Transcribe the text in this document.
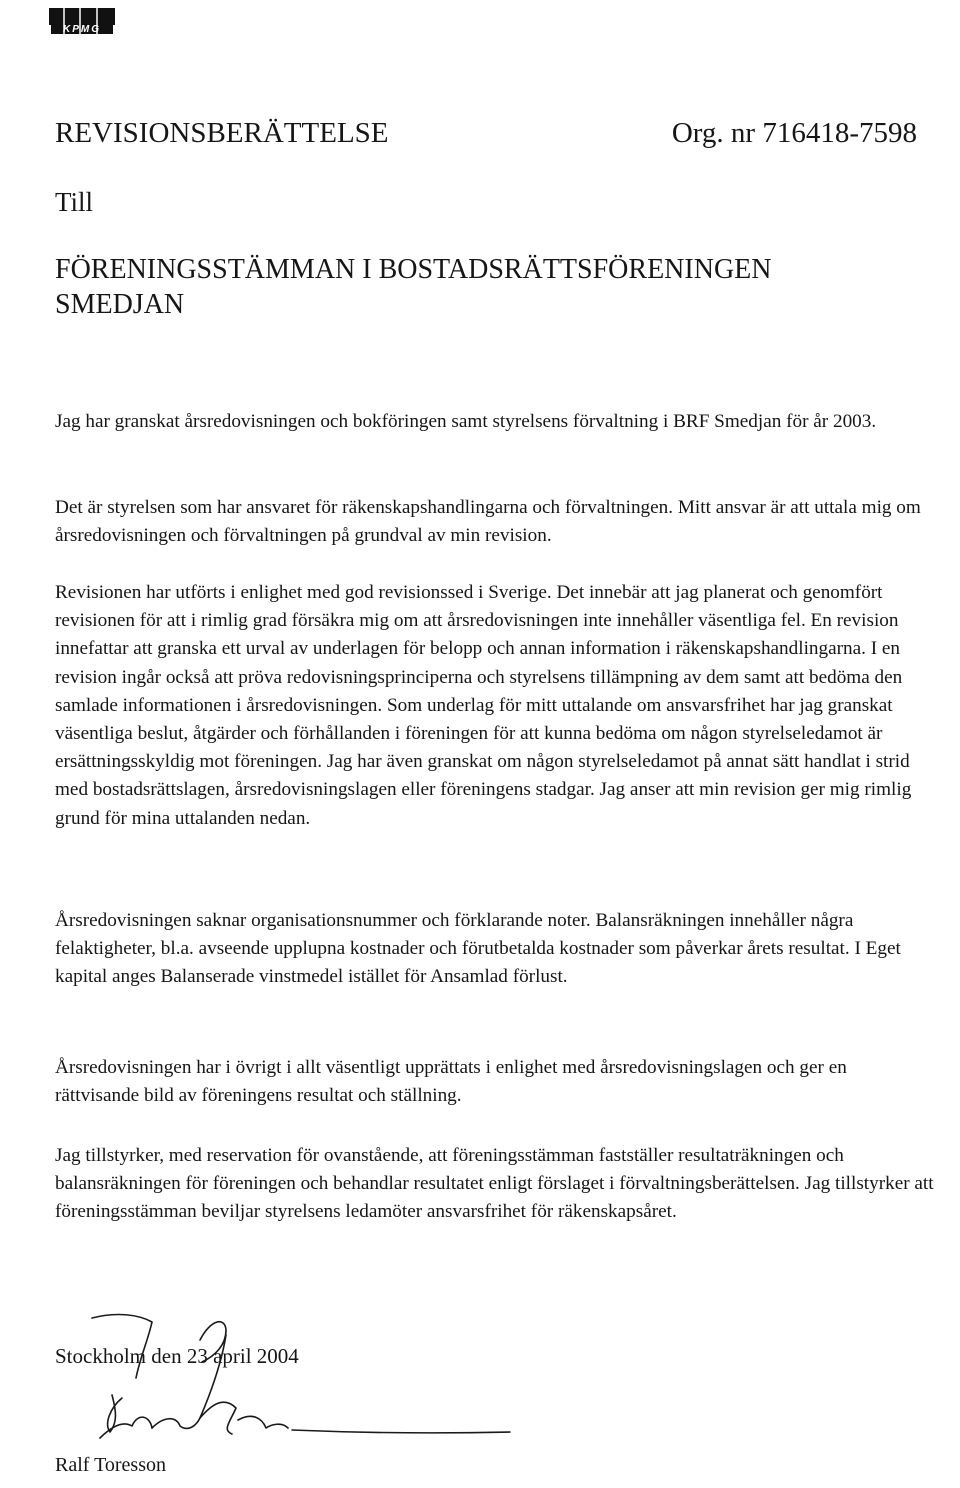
KPMG
REVISIONSBERÄTTELSE	Org. nr 716418-7598
Till
FÖRENINGSSTÄMMAN I BOSTADSRÄTTSFÖRENINGEN
SMEDJAN

Jag har granskat årsredovisningen och bokföringen samt styrelsens förvaltning i BRF Smedjan för år 2003.

Det är styrelsen som har ansvaret för räkenskapshandlingarna och förvaltningen. Mitt ansvar är att uttala mig om årsredovisningen och förvaltningen på grundval av min revision.

Revisionen har utförts i enlighet med god revisionssed i Sverige. Det innebär att jag planerat och genomfört revisionen för att i rimlig grad försäkra mig om att årsredovisningen inte innehåller väsentliga fel. En revision innefattar att granska ett urval av underlagen för belopp och annan information i räkenskapshandlingarna. I en revision ingår också att pröva redovisningsprinciperna och styrelsens tillämpning av dem samt att bedöma den samlade informationen i årsredovisningen. Som underlag för mitt uttalande om ansvarsfrihet har jag granskat väsentliga beslut, åtgärder och förhållanden i föreningen för att kunna bedöma om någon styrelseledamot är ersättningsskyldig mot föreningen. Jag har även granskat om någon styrelseledamot på annat sätt handlat i strid med bostadsrättslagen, årsredovisningslagen eller föreningens stadgar. Jag anser att min revision ger mig rimlig grund för mina uttalanden nedan.

Årsredovisningen saknar organisationsnummer och förklarande noter. Balansräkningen innehåller några felaktigheter, bl.a. avseende upplupna kostnader och förutbetalda kostnader som påverkar årets resultat. I Eget kapital anges Balanserade vinstmedel istället för Ansamlad förlust.

Årsredovisningen har i övrigt i allt väsentligt upprättats i enlighet med årsredovisningslagen och ger en rättvisande bild av föreningens resultat och ställning.

Jag tillstyrker, med reservation för ovanstående, att föreningsstämman fastställer resultaträkningen och balansräkningen för föreningen och behandlar resultatet enligt förslaget i förvaltningsberättelsen. Jag tillstyrker att föreningsstämman beviljar styrelsens ledamöter ansvarsfrihet för räkenskapsåret.

Stockholm den 23 april 2004
Ralf Toresson
